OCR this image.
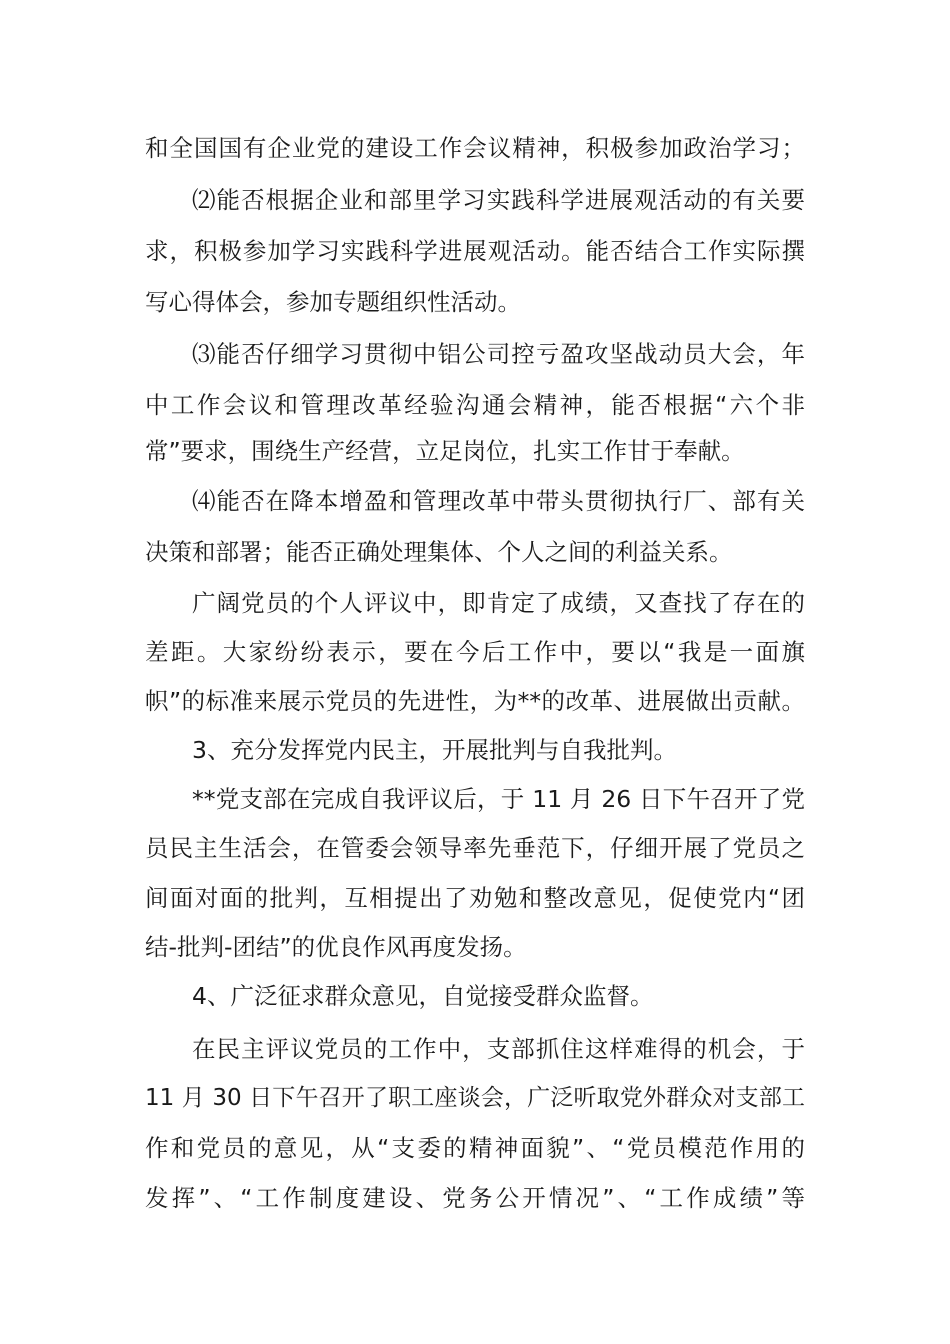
和全国国有企业党的建设工作会议精神，积极参加政治学习；
⑵能否根据企业和部里学习实践科学进展观活动的有关要
求，积极参加学习实践科学进展观活动。能否结合工作实际撰
写心得体会，参加专题组织性活动。
⑶能否仔细学习贯彻中铝公司控亏盈攻坚战动员大会，年
中工作会议和管理改革经验沟通会精神，能否根据“六个非
常”要求，围绕生产经营，立足岗位，扎实工作甘于奉献。
⑷能否在降本增盈和管理改革中带头贯彻执行厂、部有关
决策和部署；能否正确处理集体、个人之间的利益关系。
广阔党员的个人评议中，即肯定了成绩，又查找了存在的
差距。大家纷纷表示，要在今后工作中，要以“我是一面旗
帜”的标准来展示党员的先进性，为**的改革、进展做出贡献。
3、充分发挥党内民主，开展批判与自我批判。
**党支部在完成自我评议后，于 11 月 26 日下午召开了党
员民主生活会，在管委会领导率先垂范下，仔细开展了党员之
间面对面的批判，互相提出了劝勉和整改意见，促使党内“团
结-批判-团结”的优良作风再度发扬。
4、广泛征求群众意见，自觉接受群众监督。
在民主评议党员的工作中，支部抓住这样难得的机会，于
11 月 30 日下午召开了职工座谈会，广泛听取党外群众对支部工
作和党员的意见，从“支委的精神面貌”、“党员模范作用的
发挥”、“工作制度建设、党务公开情况”、“工作成绩”等
